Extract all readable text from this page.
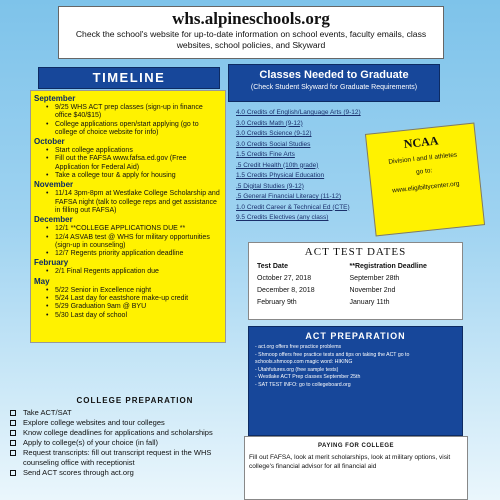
whs.alpineschools.org
Check the school's website for up-to-date information on school events, faculty emails, class websites, school policies, and Skyward
TIMELINE
September
• 9/25 WHS ACT prep classes (sign-up in finance office $40/$15)
• College applications open/start applying (go to college of choice website for info)
October
• Start college applications
• Fill out the FAFSA www.fafsa.ed.gov (Free Application for Federal Aid)
• Take a college tour & apply for housing
November
• 11/14 3pm-8pm at Westlake College Scholarship and FAFSA night (talk to college reps and get assistance in filling out FAFSA)
December
• 12/1 **COLLEGE APPLICATIONS DUE **
• 12/4 ASVAB test @ WHS for military opportunities (sign-up in counseling)
• 12/7 Regents priority application deadline
February
• 2/1 Final Regents application due
May
• 5/22 Senior in Excellence night
• 5/24 Last day for eastshore make-up credit
• 5/29 Graduation 9am @ BYU
• 5/30 Last day of school
Classes Needed to Graduate
(Check Student Skyward for Graduate Requirements)
4.0 Credits of English/Language Arts (9-12)
3.0 Credits Math (9-12)
3.0 Credits Science (9-12)
3.0 Credits Social Studies
1.5 Credits Fine Arts
.5 Credit Health (10th grade)
1.5 Credits Physical Education
.5 Digital Studies (9-12)
.5 General Financial Literacy (11-12)
1.0 Credit Career & Technical Ed (CTE)
9.5 Credits Electives (any class)
NCAA
Division I and II athletes
go to:
www.eligibiltycenter.org
ACT TEST DATES
Test Date	**Registration Deadline
October 27, 2018	September 28th
December 8, 2018	November 2nd
February 9th	January 11th
ACT PREPARATION
- act.org offers free practice problems
- Shmoop offers free practice tests and tips on taking the ACT go to schools.shmoop.com magic word: HIKING
- Utahfutures.org (free sample tests)
- Westlake ACT Prep classes September 25th
- SAT TEST INFO: go to collegeboard.org
COLLEGE PREPARATION
Take ACT/SAT
Explore college websites and tour colleges
Know college deadlines for applications and scholarships
Apply to college(s) of your choice (in fall)
Request transcripts: fill out transcript request in the WHS counseling office with receptionist
Send ACT scores through act.org
PAYING FOR COLLEGE
Fill out FAFSA, look at merit scholarships, look at military options, visit college's financial advisor for all financial aid
